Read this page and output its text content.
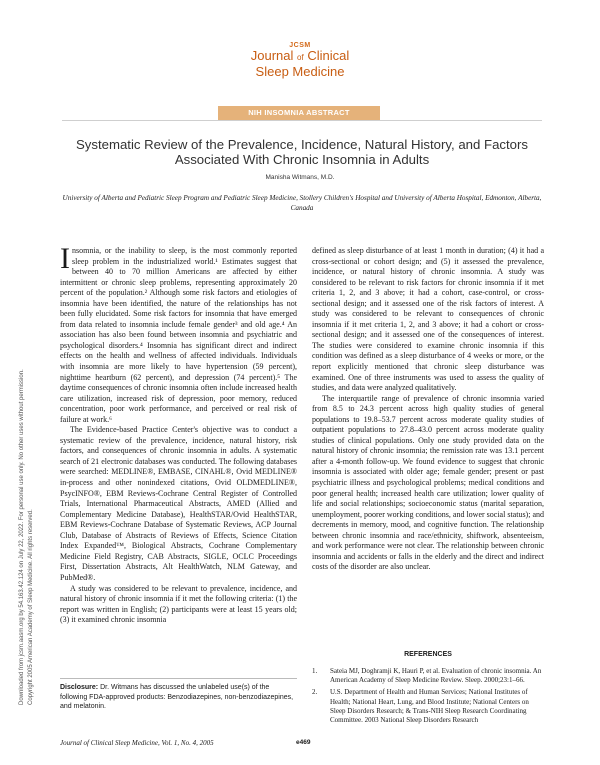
JCSM
Journal of Clinical
Sleep Medicine
NIH INSOMNIA ABSTRACT
Systematic Review of the Prevalence, Incidence, Natural History, and Factors Associated With Chronic Insomnia in Adults
Manisha Witmans, M.D.
University of Alberta and Pediatric Sleep Program and Pediatric Sleep Medicine, Stollery Children's Hospital and University of Alberta Hospital, Edmonton, Alberta, Canada

Insomnia, or the inability to sleep, is the most commonly reported sleep problem in the industrialized world.¹ Estimates suggest that between 40 to 70 million Americans are affected by either intermittent or chronic sleep problems, representing approximately 20 percent of the population.² Although some risk factors and etiologies of insomnia have been identified, the nature of the relationships has not been fully elucidated. Some risk factors for insomnia that have emerged from data related to insomnia include female gender³ and old age.⁴ An association has also been found between insomnia and psychiatric and psychological disorders.⁴ Insomnia has significant direct and indirect effects on the health and wellness of affected individuals. Individuals with insomnia are more likely to have hypertension (59 percent), nighttime heartburn (62 percent), and depression (74 percent).⁵ The daytime consequences of chronic insomnia often include increased health care utilization, increased risk of depression, poor memory, reduced concentration, poor work performance, and perceived or real risk of failure at work.⁶

The Evidence-based Practice Center's objective was to conduct a systematic review of the prevalence, incidence, natural history, risk factors, and consequences of chronic insomnia in adults. A systematic search of 21 electronic databases was conducted. The following databases were searched: MEDLINE®, EMBASE, CINAHL®, Ovid MEDLINE® in-process and other nonindexed citations, Ovid OLDMEDLINE®, PsycINFO®, EBM Reviews-Cochrane Central Register of Controlled Trials, International Pharmaceutical Abstracts, AMED (Allied and Complementary Medicine Database), HealthSTAR/Ovid HealthSTAR, EBM Reviews-Cochrane Database of Systematic Reviews, ACP Journal Club, Database of Abstracts of Reviews of Effects, Science Citation Index Expanded™, Biological Abstracts, Cochrane Complementary Medicine Field Registry, CAB Abstracts, SIGLE, OCLC Proceedings First, Dissertation Abstracts, Alt HealthWatch, NLM Gateway, and PubMed®.

A study was considered to be relevant to prevalence, incidence, and natural history of chronic insomnia if it met the following criteria: (1) the report was written in English; (2) participants were at least 15 years old; (3) it examined chronic insomnia

defined as sleep disturbance of at least 1 month in duration; (4) it had a cross-sectional or cohort design; and (5) it assessed the prevalence, incidence, or natural history of chronic insomnia. A study was considered to be relevant to risk factors for chronic insomnia if it met criteria 1, 2, and 3 above; it had a cohort, case-control, or cross-sectional design; and it assessed one of the risk factors of interest. A study was considered to be relevant to consequences of chronic insomnia if it met criteria 1, 2, and 3 above; it had a cohort or cross-sectional design; and it assessed one of the consequences of interest. The studies were considered to examine chronic insomnia if this condition was defined as a sleep disturbance of 4 weeks or more, or the report explicitly mentioned that chronic sleep disturbance was examined. One of three instruments was used to assess the quality of studies, and data were analyzed qualitatively.

The interquartile range of prevalence of chronic insomnia varied from 8.5 to 24.3 percent across high quality studies of general populations to 19.8–53.7 percent across moderate quality studies of outpatient populations to 27.8–43.0 percent across moderate quality studies of clinical populations. Only one study provided data on the natural history of chronic insomnia; the remission rate was 13.1 percent after a 4-month follow-up. We found evidence to suggest that chronic insomnia is associated with older age; female gender; present or past psychiatric illness and psychological problems; medical conditions and poor general health; increased health care utilization; lower quality of life and social relationships; socioeconomic status (marital separation, unemployment, poorer working conditions, and lower social status); and decrements in memory, mood, and cognitive function. The relationship between chronic insomnia and race/ethnicity, shiftwork, absenteeism, and work performance were not clear. The relationship between chronic insomnia and accidents or falls in the elderly and the direct and indirect costs of the disorder are also unclear.

REFERENCES
1. Sateia MJ, Doghramji K, Hauri P, et al. Evaluation of chronic insomnia. An American Academy of Sleep Medicine Review. Sleep. 2000;23:1–66.
2. U.S. Department of Health and Human Services; National Institutes of Health; National Heart, Lung, and Blood Institute; National Centers on Sleep Disorders Research; & Trans-NIH Sleep Research Coordinating Committee. 2003 National Sleep Disorders Research
Disclosure: Dr. Witmans has discussed the unlabeled use(s) of the following FDA-approved products: Benzodiazepines, non-benzodiazepines, and melatonin.
Journal of Clinical Sleep Medicine, Vol. 1, No. 4, 2005	e469
Downloaded from jcsm.aasm.org by 54.163.42.124 on July 22, 2022. For personal use only. No other uses without permission. Copyright 2005 American Academy of Sleep Medicine. All rights reserved.
